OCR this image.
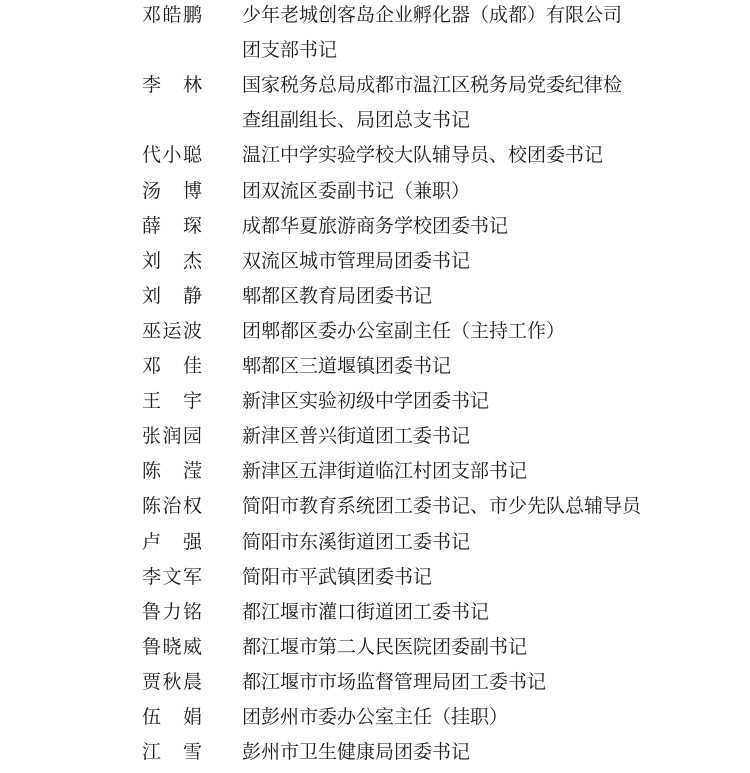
邓皓鹏 少年老城创客岛企业孵化器（成都）有限公司
团支部书记
李　林 国家税务总局成都市温江区税务局党委纪律检
查组副组长、局团总支书记
代小聪 温江中学实验学校大队辅导员、校团委书记
汤　博 团双流区委副书记（兼职）
薛　琛 成都华夏旅游商务学校团委书记
刘　杰 双流区城市管理局团委书记
刘　静 郫都区教育局团委书记
巫运波 团郫都区委办公室副主任（主持工作）
邓　佳 郫都区三道堰镇团委书记
王　宇 新津区实验初级中学团委书记
张润园 新津区普兴街道团工委书记
陈　滢 新津区五津街道临江村团支部书记
陈治权 简阳市教育系统团工委书记、市少先队总辅导员
卢　强 简阳市东溪街道团工委书记
李文军 简阳市平武镇团委书记
鲁力铭 都江堰市灌口街道团工委书记
鲁晓威 都江堰市第二人民医院团委副书记
贾秋晨 都江堰市市场监督管理局团工委书记
伍　娟 团彭州市委办公室主任（挂职）
江　雪 彭州市卫生健康局团委书记
